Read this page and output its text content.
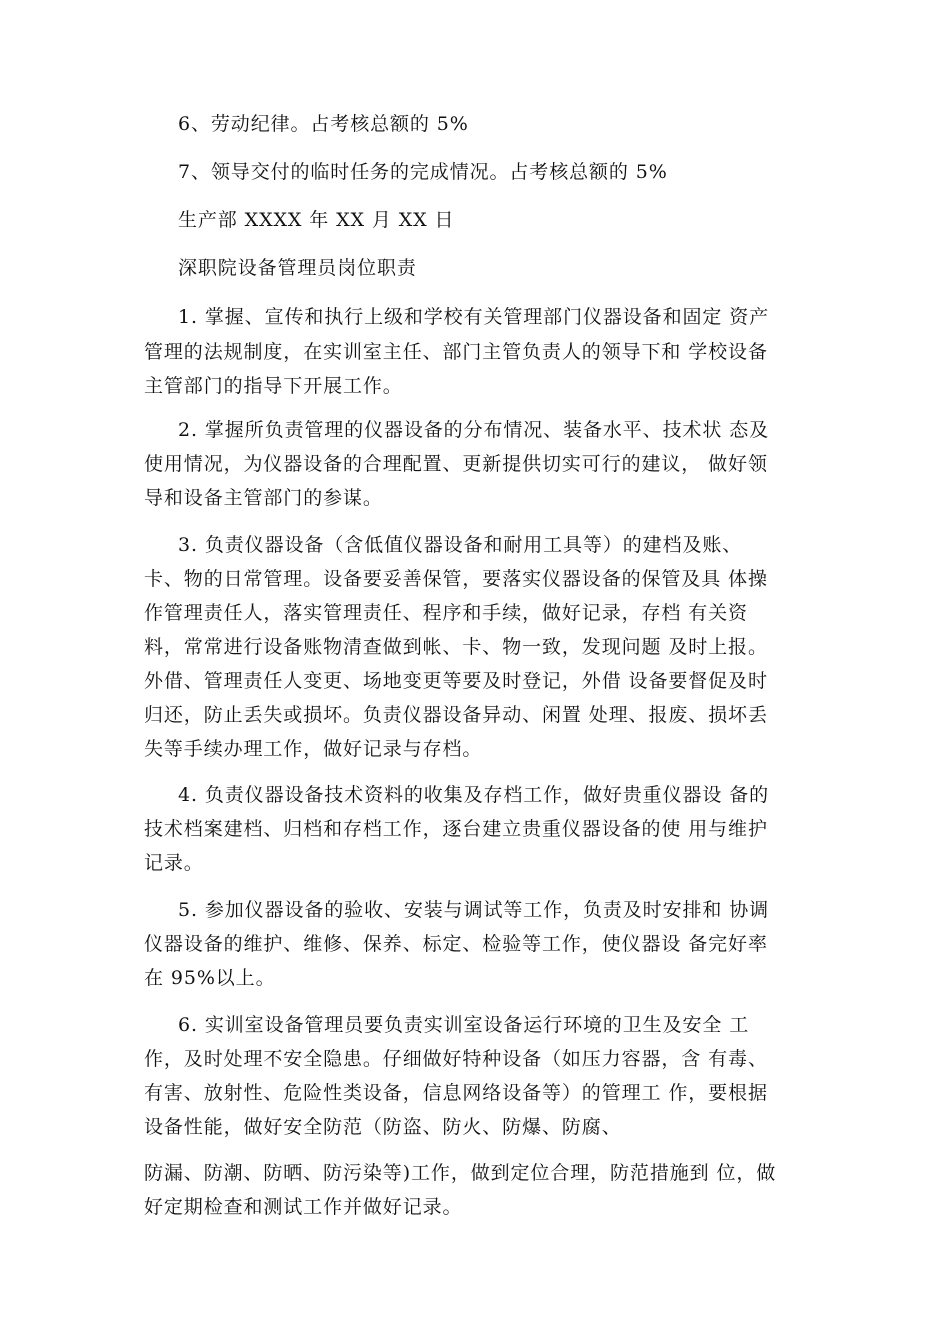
6、劳动纪律。占考核总额的 5%
7、领导交付的临时任务的完成情况。占考核总额的 5%
生产部 XXXX 年 XX 月 XX 日
深职院设备管理员岗位职责
1. 掌握、宣传和执行上级和学校有关管理部门仪器设备和固定 资产
管理的法规制度，在实训室主任、部门主管负责人的领导下和 学校设备
主管部门的指导下开展工作。
2. 掌握所负责管理的仪器设备的分布情况、装备水平、技术状 态及
使用情况，为仪器设备的合理配置、更新提供切实可行的建议， 做好领
导和设备主管部门的参谋。
3. 负责仪器设备（含低值仪器设备和耐用工具等）的建档及账、
卡、物的日常管理。设备要妥善保管，要落实仪器设备的保管及具 体操
作管理责任人，落实管理责任、程序和手续，做好记录，存档 有关资
料，常常进行设备账物清查做到帐、卡、物一致，发现问题 及时上报。
外借、管理责任人变更、场地变更等要及时登记，外借 设备要督促及时
归还，防止丢失或损坏。负责仪器设备异动、闲置 处理、报废、损坏丢
失等手续办理工作，做好记录与存档。
4. 负责仪器设备技术资料的收集及存档工作，做好贵重仪器设 备的
技术档案建档、归档和存档工作，逐台建立贵重仪器设备的使 用与维护
记录。
5. 参加仪器设备的验收、安装与调试等工作，负责及时安排和 协调
仪器设备的维护、维修、保养、标定、检验等工作，使仪器设 备完好率
在 95%以上。
6. 实训室设备管理员要负责实训室设备运行环境的卫生及安全 工
作，及时处理不安全隐患。仔细做好特种设备（如压力容器，含 有毒、
有害、放射性、危险性类设备，信息网络设备等）的管理工 作，要根据
设备性能，做好安全防范（防盗、防火、防爆、防腐、
防漏、防潮、防晒、防污染等)工作，做到定位合理，防范措施到 位，做
好定期检查和测试工作并做好记录。
